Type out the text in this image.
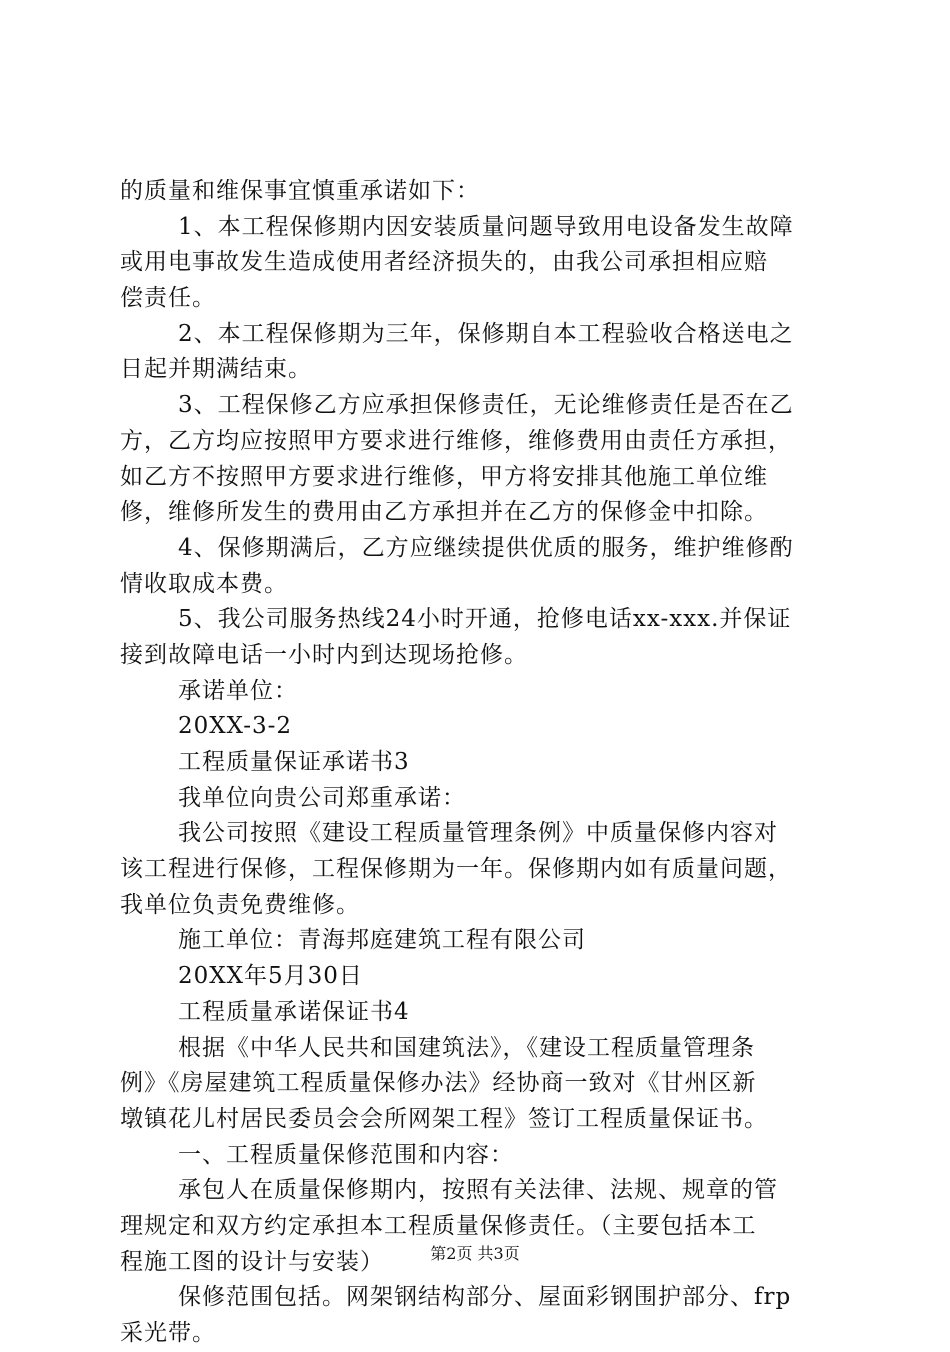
的质量和维保事宜慎重承诺如下：
1、本工程保修期内因安装质量问题导致用电设备发生故障
或用电事故发生造成使用者经济损失的，由我公司承担相应赔
偿责任。
2、本工程保修期为三年，保修期自本工程验收合格送电之
日起并期满结束。
3、工程保修乙方应承担保修责任，无论维修责任是否在乙
方，乙方均应按照甲方要求进行维修，维修费用由责任方承担，
如乙方不按照甲方要求进行维修，甲方将安排其他施工单位维
修，维修所发生的费用由乙方承担并在乙方的保修金中扣除。
4、保修期满后，乙方应继续提供优质的服务，维护维修酌
情收取成本费。
5、我公司服务热线24小时开通，抢修电话xx-xxx.并保证
接到故障电话一小时内到达现场抢修。
承诺单位：
20XX-3-2
工程质量保证承诺书3
我单位向贵公司郑重承诺：
我公司按照《建设工程质量管理条例》中质量保修内容对
该工程进行保修，工程保修期为一年。保修期内如有质量问题，
我单位负责免费维修。
施工单位：青海邦庭建筑工程有限公司
20XX年5月30日
工程质量承诺保证书4
根据《中华人民共和国建筑法》，《建设工程质量管理条
例》《房屋建筑工程质量保修办法》经协商一致对《甘州区新
墩镇花儿村居民委员会会所网架工程》签订工程质量保证书。
一、工程质量保修范围和内容：
承包人在质量保修期内，按照有关法律、法规、规章的管
理规定和双方约定承担本工程质量保修责任。（主要包括本工
程施工图的设计与安装）
保修范围包括。网架钢结构部分、屋面彩钢围护部分、frp
采光带。
第2页 共3页
